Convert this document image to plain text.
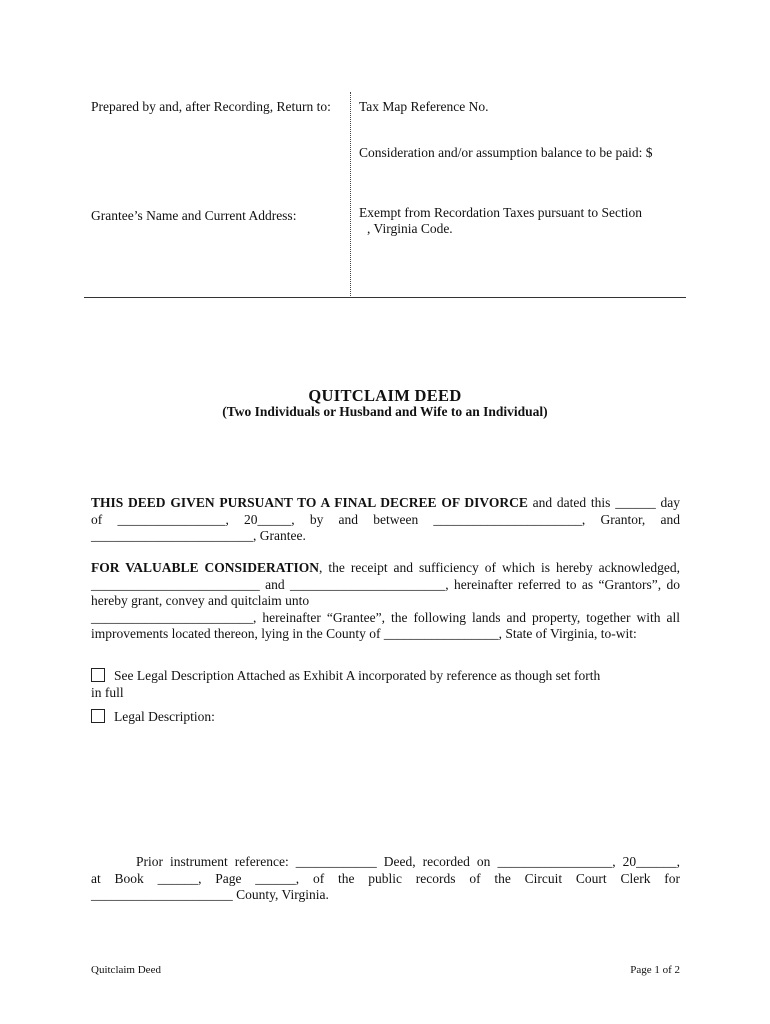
Prepared by and, after Recording, Return to:
Grantee’s Name and Current Address:
Tax Map Reference No.
Consideration and/or assumption balance to be paid: $
Exempt from Recordation Taxes pursuant to Section
, Virginia Code.
QUITCLAIM DEED
(Two Individuals or Husband and Wife to an Individual)
THIS DEED GIVEN PURSUANT TO A FINAL DECREE OF DIVORCE and dated this ______ day
of ________________, 20_____, by and between ______________________, Grantor, and
________________________, Grantee.
FOR VALUABLE CONSIDERATION, the receipt and sufficiency of which is hereby acknowledged,
_________________________ and _______________________, hereinafter referred to as “Grantors”, do
hereby grant, convey and quitclaim unto
________________________, hereinafter “Grantee”, the following lands and property, together with all
improvements located thereon, lying in the County of _________________, State of Virginia, to-wit:
See Legal Description Attached as Exhibit A incorporated by reference as though set forth
in full
Legal Description:
Prior instrument reference: ____________ Deed, recorded on _________________, 20______,
at Book ______, Page ______, of the public records of the Circuit Court Clerk for
_____________________ County, Virginia.
Quitclaim Deed	Page 1 of 2
